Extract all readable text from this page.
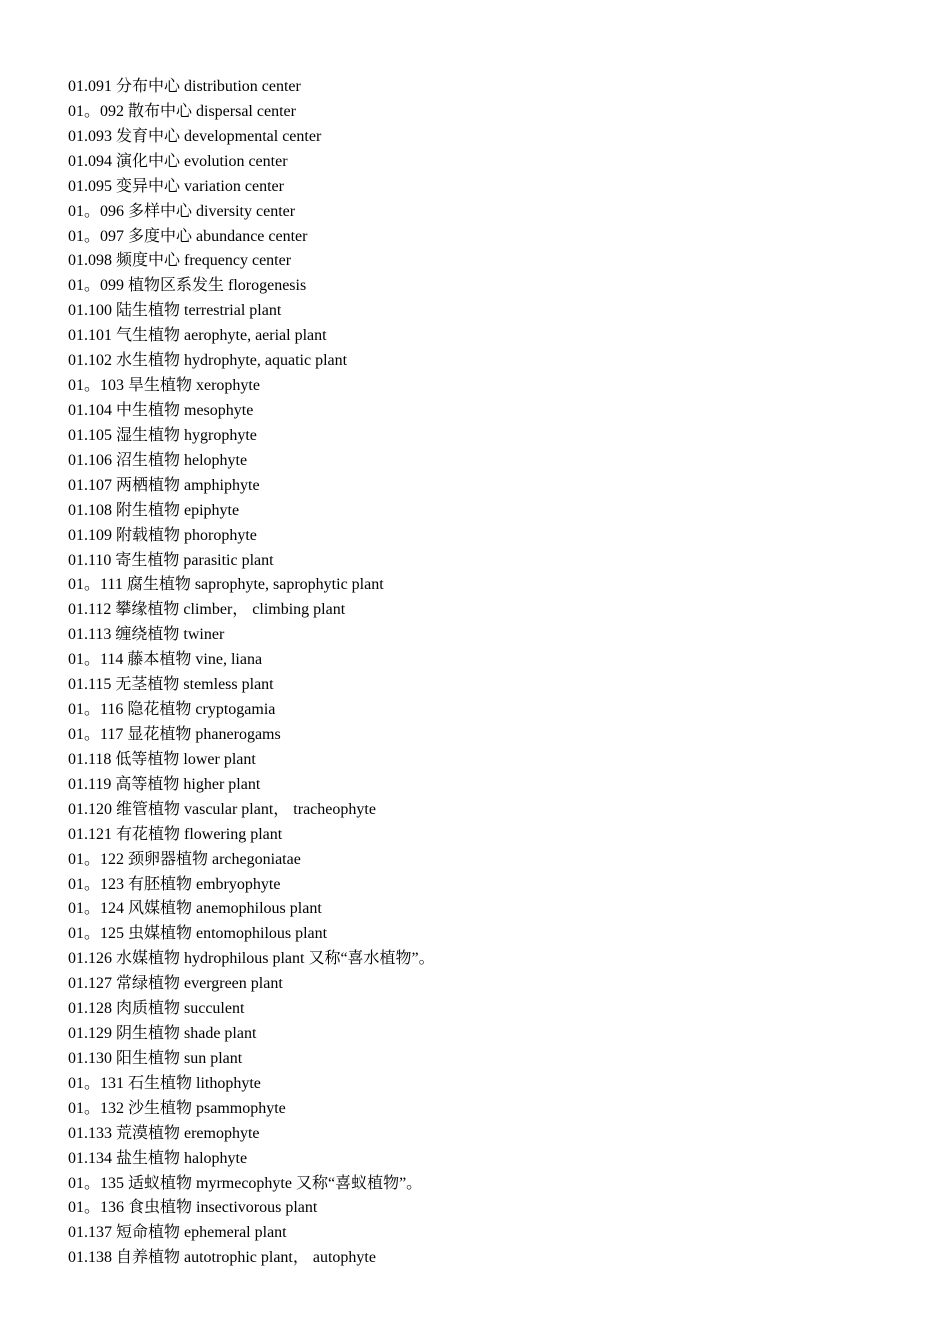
01.091 分布中心 distribution center
01。092 散布中心 dispersal center
01.093 发育中心 developmental center
01.094 演化中心 evolution center
01.095 变异中心 variation center
01。096 多样中心 diversity center
01。097 多度中心 abundance center
01.098 频度中心 frequency center
01。099 植物区系发生 florogenesis
01.100 陆生植物 terrestrial plant
01.101 气生植物 aerophyte, aerial plant
01.102 水生植物 hydrophyte, aquatic plant
01。103 旱生植物 xerophyte
01.104 中生植物 mesophyte
01.105 湿生植物 hygrophyte
01.106 沼生植物 helophyte
01.107 两栖植物 amphiphyte
01.108 附生植物 epiphyte
01.109 附载植物 phorophyte
01.110 寄生植物 parasitic plant
01。111 腐生植物 saprophyte, saprophytic plant
01.112 攀缘植物 climber， climbing plant
01.113 缠绕植物 twiner
01。114 藤本植物 vine, liana
01.115 无茎植物 stemless plant
01。116 隐花植物 cryptogamia
01。117 显花植物 phanerogams
01.118 低等植物 lower plant
01.119 高等植物 higher plant
01.120 维管植物 vascular plant， tracheophyte
01.121 有花植物 flowering plant
01。122 颈卵器植物 archegoniatae
01。123 有胚植物 embryophyte
01。124 风媒植物 anemophilous plant
01。125 虫媒植物 entomophilous plant
01.126 水媒植物 hydrophilous plant 又称“喜水植物”。
01.127 常绿植物 evergreen plant
01.128 肉质植物 succulent
01.129 阴生植物 shade plant
01.130 阳生植物 sun plant
01。131 石生植物 lithophyte
01。132 沙生植物 psammophyte
01.133 荒漠植物 eremophyte
01.134 盐生植物 halophyte
01。135 适蚁植物 myrmecophyte 又称“喜蚁植物”。
01。136 食虫植物 insectivorous plant
01.137 短命植物 ephemeral plant
01.138 自养植物 autotrophic plant， autophyte
